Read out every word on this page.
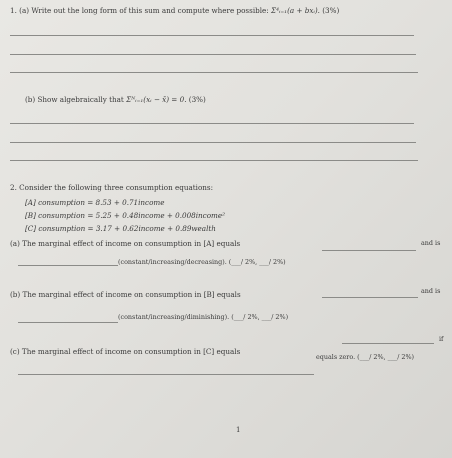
1. (a) Write out the long form of this sum and compute where possible: Σ⁴ᵢ₌₁(a + bxᵢ). (3%)
(b) Show algebraically that Σᴺᵢ₌₁(xᵢ − x̄) = 0. (3%)
2. Consider the following three consumption equations:
[A] consumption = 8.53 + 0.71income
[B] consumption = 5.25 + 0.48income + 0.008income²
[C] consumption = 3.17 + 0.62income + 0.89wealth
(a) The marginal effect of income on consumption in [A] equals	and is
(constant/increasing/decreasing). (___/ 2%, ___/ 2%)
(b) The marginal effect of income on consumption in [B] equals	and is
(constant/increasing/diminishing). (___/ 2%, ___/ 2%)
(c) The marginal effect of income on consumption in [C] equals
if
equals zero. (___/ 2%, ___/ 2%)
1
